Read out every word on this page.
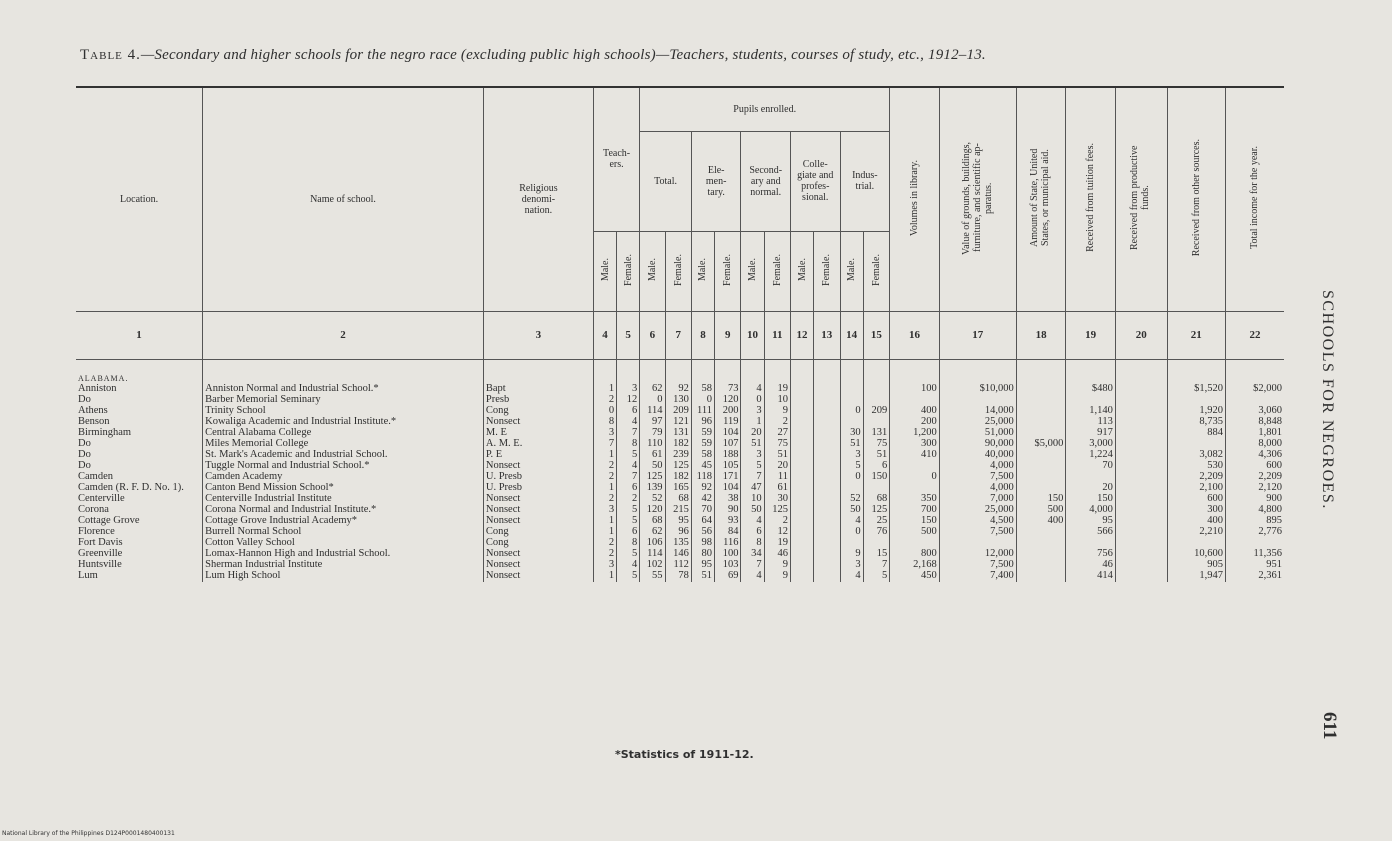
Table 4.—Secondary and higher schools for the negro race (excluding public high schools)—Teachers, students, courses of study, etc., 1912–13.
Location.	Name of school.	Religious denomi- nation.	Teach- ers.		Pupils enrolled.										Volumes in library.	Value of grounds, buildings, furniture, and scientific ap- paratus.	Amount of State, United States, or municipal aid.	Received from tuition fees.	Received from productive funds.	Received from other sources.	Total income for the year.
					Total.		Ele- men- tary.		Second- ary and normal.		Colle- giate and profes- sional.		Indus- trial.								
			Male.	Female.	Male.	Female.	Male.	Female.	Male.	Female.	Male.	Female.	Male.	Female.							
1	2	3	4	5	6	7	8	9	10	11	12	13	14	15	16	17	18	19	20	21	22
ALABAMA.																					
Anniston	Anniston Normal and Industrial School.*	Bapt	1	3	62	92	58	73	4	19					100	$10,000		$480		$1,520	$2,000
Do	Barber Memorial Seminary	Presb	2	12	0	130	0	120	0	10											
Athens	Trinity School	Cong	0	6	114	209	111	200	3	9			0	209	400	14,000		1,140		1,920	3,060
Benson	Kowaliga Academic and Industrial Institute.*	Nonsect	8	4	97	121	96	119	1	2					200	25,000		113		8,735	8,848
Birmingham	Central Alabama College	M. E	3	7	79	131	59	104	20	27			30	131	1,200	51,000		917		884	1,801
Do	Miles Memorial College	A. M. E.	7	8	110	182	59	107	51	75			51	75	300	90,000	$5,000	3,000			8,000
Do	St. Mark's Academic and Industrial School.	P. E	1	5	61	239	58	188	3	51			3	51	410	40,000		1,224		3,082	4,306
Do	Tuggle Normal and Industrial School.*	Nonsect	2	4	50	125	45	105	5	20			5	6		4,000		70		530	600
Camden	Camden Academy	U. Presb	2	7	125	182	118	171	7	11			0	150	0	7,500				2,209	2,209
Camden (R. F. D. No. 1).	Canton Bend Mission School*	U. Presb	1	6	139	165	92	104	47	61						4,000		20		2,100	2,120
Centerville	Centerville Industrial Institute	Nonsect	2	2	52	68	42	38	10	30			52	68	350	7,000	150	150		600	900
Corona	Corona Normal and Industrial Institute.*	Nonsect	3	5	120	215	70	90	50	125			50	125	700	25,000	500	4,000		300	4,800
Cottage Grove	Cottage Grove Industrial Academy*	Nonsect	1	5	68	95	64	93	4	2			4	25	150	4,500	400	95		400	895
Florence	Burrell Normal School	Cong	1	6	62	96	56	84	6	12			0	76	500	7,500		566		2,210	2,776
Fort Davis	Cotton Valley School	Cong	2	8	106	135	98	116	8	19											
Greenville	Lomax-Hannon High and Industrial School.	Nonsect	2	5	114	146	80	100	34	46			9	15	800	12,000		756		10,600	11,356
Huntsville	Sherman Industrial Institute	Nonsect	3	4	102	112	95	103	7	9			3	7	2,168	7,500		46		905	951
Lum	Lum High School	Nonsect	1	5	55	78	51	69	4	9			4	5	450	7,400		414		1,947	2,361
*Statistics of 1911-12.
SCHOOLS FOR NEGROES.
611
National Library of the Philippines D124P0001480400131
